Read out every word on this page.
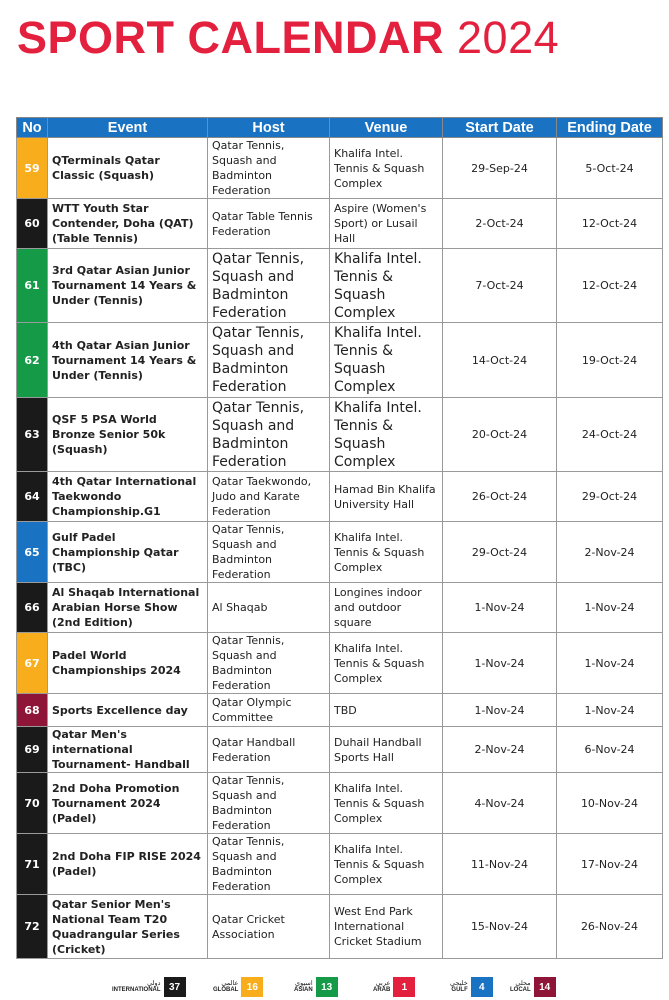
SPORT CALENDAR 2024
No	Event	Host	Venue	Start Date	Ending Date
59	QTerminals Qatar Classic (Squash)	Qatar Tennis, Squash and Badminton Federation	Khalifa Intel. Tennis & Squash Complex	29-Sep-24	5-Oct-24
60	WTT Youth Star Contender, Doha (QAT) (Table Tennis)	Qatar Table Tennis Federation	Aspire (Women's Sport) or Lusail Hall	2-Oct-24	12-Oct-24
61	3rd Qatar Asian Junior Tournament 14 Years & Under (Tennis)	Qatar Tennis, Squash and Badminton Federation	Khalifa Intel. Tennis & Squash Complex	7-Oct-24	12-Oct-24
62	4th Qatar Asian Junior Tournament 14 Years & Under (Tennis)	Qatar Tennis, Squash and Badminton Federation	Khalifa Intel. Tennis & Squash Complex	14-Oct-24	19-Oct-24
63	QSF 5 PSA World Bronze Senior 50k (Squash)	Qatar Tennis, Squash and Badminton Federation	Khalifa Intel. Tennis & Squash Complex	20-Oct-24	24-Oct-24
64	4th Qatar International Taekwondo Championship.G1	Qatar Taekwondo, Judo and Karate Federation	Hamad Bin Khalifa University Hall	26-Oct-24	29-Oct-24
65	Gulf Padel Championship Qatar (TBC)	Qatar Tennis, Squash and Badminton Federation	Khalifa Intel. Tennis & Squash Complex	29-Oct-24	2-Nov-24
66	Al Shaqab International Arabian Horse Show (2nd Edition)	Al Shaqab	Longines indoor and outdoor square	1-Nov-24	1-Nov-24
67	Padel World Championships 2024	Qatar Tennis, Squash and Badminton Federation	Khalifa Intel. Tennis & Squash Complex	1-Nov-24	1-Nov-24
68	Sports Excellence day	Qatar Olympic Committee	TBD	1-Nov-24	1-Nov-24
69	Qatar Men's international Tournament- Handball	Qatar Handball Federation	Duhail Handball Sports Hall	2-Nov-24	6-Nov-24
70	2nd Doha Promotion Tournament 2024 (Padel)	Qatar Tennis, Squash and Badminton Federation	Khalifa Intel. Tennis & Squash Complex	4-Nov-24	10-Nov-24
71	2nd Doha FIP RISE 2024 (Padel)	Qatar Tennis, Squash and Badminton Federation	Khalifa Intel. Tennis & Squash Complex	11-Nov-24	17-Nov-24
72	Qatar Senior Men's National Team T20 Quadrangular Series (Cricket)	Qatar Cricket Association	West End Park International Cricket Stadium	15-Nov-24	26-Nov-24
دولي
INTERNATIONAL 37	عالمي
GLOBAL 16	اسيوي
ASIAN 13	عربي
ARAB	1	خليجي
GULF	4	محلي
LOCAL 14
